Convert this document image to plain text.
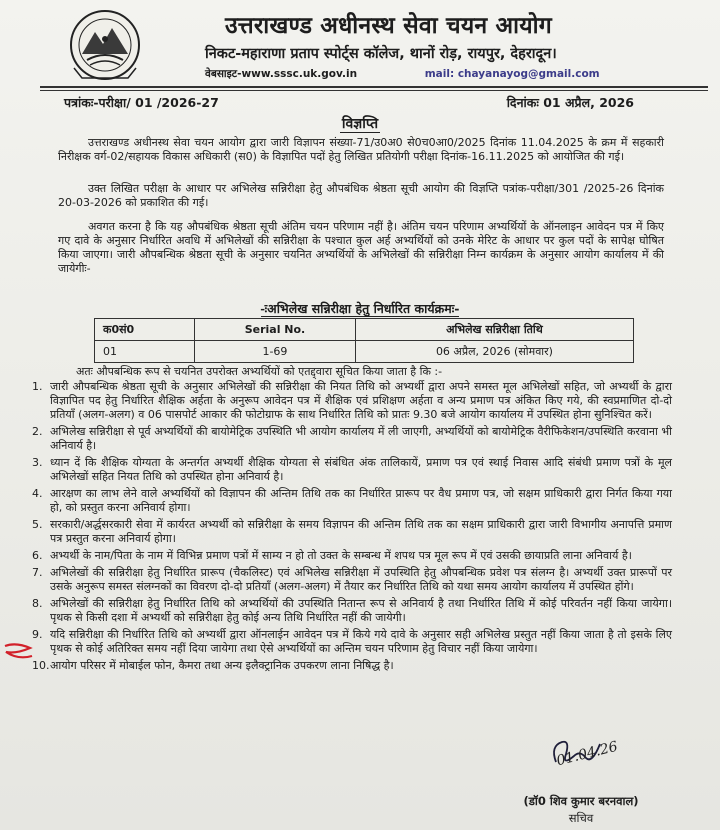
उत्तराखण्ड अधीनस्थ सेवा चयन आयोग
निकट-महाराणा प्रताप स्पोर्ट्स कॉलेज, थानों रोड़, रायपुर, देहरादून।
वेबसाइट-www.sssc.uk.gov.in	mail: chayanayog@gmail.com
पत्रांकः-परीक्षा/ 01 /2026-27	दिनांकः 01 अप्रैल, 2026
विज्ञप्ति

उत्तराखण्ड अधीनस्थ सेवा चयन आयोग द्वारा जारी विज्ञापन संख्या-71/उ0अ0 से0च0आ0/2025 दिनांक 11.04.2025 के क्रम में सहकारी निरीक्षक वर्ग-02/सहायक विकास अधिकारी (स0) के विज्ञापित पदों हेतु लिखित प्रतियोगी परीक्षा दिनांक-16.11.2025 को आयोजित की गई।

उक्त लिखित परीक्षा के आधार पर अभिलेख सन्निरीक्षा हेतु औपबंधिक श्रेष्ठता सूची आयोग की विज्ञप्ति पत्रांक-परीक्षा/301 /2025-26 दिनांक 20-03-2026 को प्रकाशित की गई।

अवगत करना है कि यह औपबंधिक श्रेष्ठता सूची अंतिम चयन परिणाम नहीं है। अंतिम चयन परिणाम अभ्यर्थियों के ऑनलाइन आवेदन पत्र में किए गए दावे के अनुसार निर्धारित अवधि में अभिलेखों की सन्निरीक्षा के पश्चात कुल अर्ह अभ्यर्थियों को उनके मेरिट के आधार पर कुल पदों के सापेक्ष घोषित किया जाएगा। जारी औपबन्धिक श्रेष्ठता सूची के अनुसार चयनित अभ्यर्थियों के अभिलेखों की सन्निरीक्षा निम्न कार्यक्रम के अनुसार आयोग कार्यालय में की जायेगीः-

-ःअभिलेख सन्निरीक्षा हेतु निर्धारित कार्यक्रमः-
क0सं0	Serial No.	अभिलेख सन्निरीक्षा तिथि
01	1-69	06 अप्रैल, 2026 (सोमवार)
अतः औपबन्धिक रूप से चयनित उपरोक्त अभ्यर्थियों को एतद्द्वारा सूचित किया जाता है कि :-
1. जारी औपबन्धिक श्रेष्ठता सूची के अनुसार अभिलेखों की सन्निरीक्षा की नियत तिथि को अभ्यर्थी द्वारा अपने समस्त मूल अभिलेखों सहित, जो अभ्यर्थी के द्वारा विज्ञापित पद हेतु निर्धारित शैक्षिक अर्हता के अनुरूप आवेदन पत्र में शैक्षिक एवं प्रशिक्षण अर्हता व अन्य प्रमाण पत्र अंकित किए गये, की स्वप्रमाणित दो-दो प्रतियाँ (अलग-अलग) व 06 पासपोर्ट आकार की फोटोग्राफ के साथ निर्धारित तिथि को प्रातः 9.30 बजे आयोग कार्यालय में उपस्थित होना सुनिश्चित करें।
2. अभिलेख सन्निरीक्षा से पूर्व अभ्यर्थियों की बायोमेट्रिक उपस्थिति भी आयोग कार्यालय में ली जाएगी, अभ्यर्थियों को बायोमेट्रिक वैरीफिकेशन/उपस्थिति करवाना भी अनिवार्य है।
3. ध्यान दें कि शैक्षिक योग्यता के अन्तर्गत अभ्यर्थी शैक्षिक योग्यता से संबंधित अंक तालिकायें, प्रमाण पत्र एवं स्थाई निवास आदि संबंधी प्रमाण पत्रों के मूल अभिलेखों सहित नियत तिथि को उपस्थित होना अनिवार्य है।
4. आरक्षण का लाभ लेने वाले अभ्यर्थियों को विज्ञापन की अन्तिम तिथि तक का निर्धारित प्रारूप पर वैध प्रमाण पत्र, जो सक्षम प्राधिकारी द्वारा निर्गत किया गया हो, को प्रस्तुत करना अनिवार्य होगा।
5. सरकारी/अर्द्धसरकारी सेवा में कार्यरत अभ्यर्थी को सन्निरीक्षा के समय विज्ञापन की अन्तिम तिथि तक का सक्षम प्राधिकारी द्वारा जारी विभागीय अनापत्ति प्रमाण पत्र प्रस्तुत करना अनिवार्य होगा।
6. अभ्यर्थी के नाम/पिता के नाम में विभिन्न प्रमाण पत्रों में साम्य न हो तो उक्त के सम्बन्ध में शपथ पत्र मूल रूप में एवं उसकी छायाप्रति लाना अनिवार्य है।
7. अभिलेखों की सन्निरीक्षा हेतु निर्धारित प्रारूप (चैकलिस्ट) एवं अभिलेख सन्निरीक्षा में उपस्थिति हेतु औपबन्धिक प्रवेश पत्र संलग्न है। अभ्यर्थी उक्त प्रारूपों पर उसके अनुरूप समस्त संलग्नकों का विवरण दो-दो प्रतियाँ (अलग-अलग) में तैयार कर निर्धारित तिथि को यथा समय आयोग कार्यालय में उपस्थित होंगे।
8. अभिलेखों की सन्निरीक्षा हेतु निर्धारित तिथि को अभ्यर्थियों की उपस्थिति नितान्त रूप से अनिवार्य है तथा निर्धारित तिथि में कोई परिवर्तन नहीं किया जायेगा। पृथक से किसी दशा में अभ्यर्थी को सन्निरीक्षा हेतु कोई अन्य तिथि निर्धारित नहीं की जायेगी।
9. यदि सन्निरीक्षा की निर्धारित तिथि को अभ्यर्थी द्वारा ऑनलाईन आवेदन पत्र में किये गये दावे के अनुसार सही अभिलेख प्रस्तुत नहीं किया जाता है तो इसके लिए पृथक से कोई अतिरिक्त समय नहीं दिया जायेगा तथा ऐसे अभ्यर्थियों का अन्तिम चयन परिणाम हेतु विचार नहीं किया जायेगा।
10. आयोग परिसर में मोबाईल फोन, कैमरा तथा अन्य इलैक्ट्रानिक उपकरण लाना निषिद्ध है।
01.04.26
(डॉ0 शिव कुमार बरनवाल)
सचिव
